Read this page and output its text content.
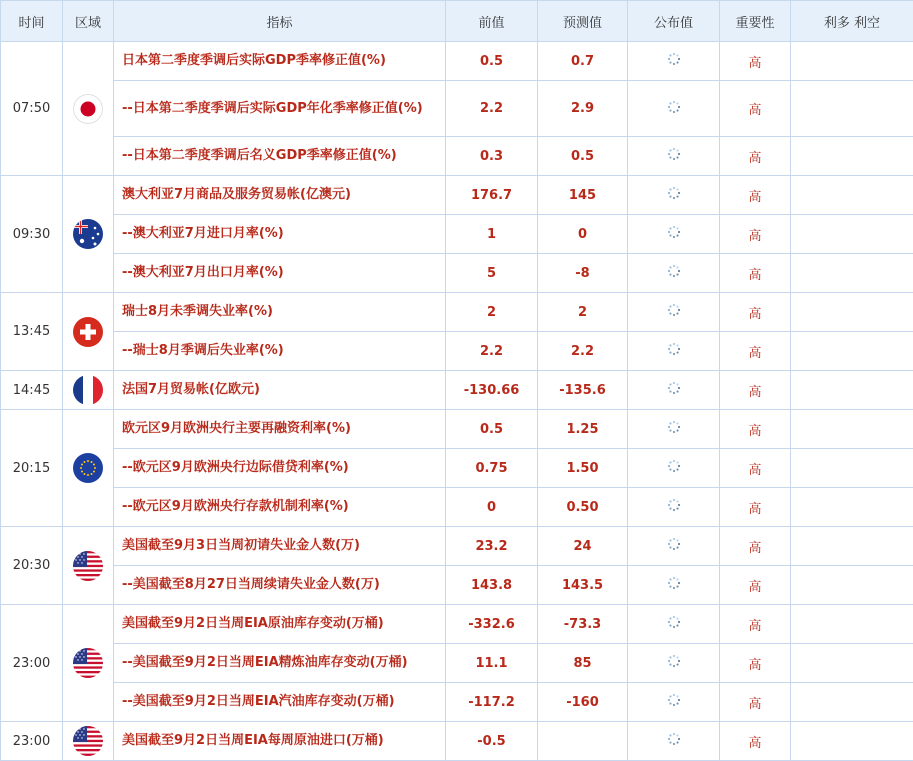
时间	区域	指标	前值	预测值	公布值	重要性	利多 利空
07:50		日本第二季度季调后实际GDP季率修正值(%)	0.5	0.7		高	
		--日本第二季度季调后实际GDP年化季率修正值(%)	2.2	2.9		高	
		--日本第二季度季调后名义GDP季率修正值(%)	0.3	0.5		高	
09:30		澳大利亚7月商品及服务贸易帐(亿澳元)	176.7	145		高	
		--澳大利亚7月进口月率(%)	1	0		高	
		--澳大利亚7月出口月率(%)	5	-8		高	
13:45		瑞士8月未季调失业率(%)	2	2		高	
		--瑞士8月季调后失业率(%)	2.2	2.2		高	
14:45		法国7月贸易帐(亿欧元)	-130.66	-135.6		高	
20:15		欧元区9月欧洲央行主要再融资利率(%)	0.5	1.25		高	
		--欧元区9月欧洲央行边际借贷利率(%)	0.75	1.50		高	
		--欧元区9月欧洲央行存款机制利率(%)	0	0.50		高	
20:30		美国截至9月3日当周初请失业金人数(万)	23.2	24		高	
		--美国截至8月27日当周续请失业金人数(万)	143.8	143.5		高	
23:00		美国截至9月2日当周EIA原油库存变动(万桶)	-332.6	-73.3		高	
		--美国截至9月2日当周EIA精炼油库存变动(万桶)	11.1	85		高	
		--美国截至9月2日当周EIA汽油库存变动(万桶)	-117.2	-160		高	
23:00		美国截至9月2日当周EIA每周原油进口(万桶)	-0.5			高	
